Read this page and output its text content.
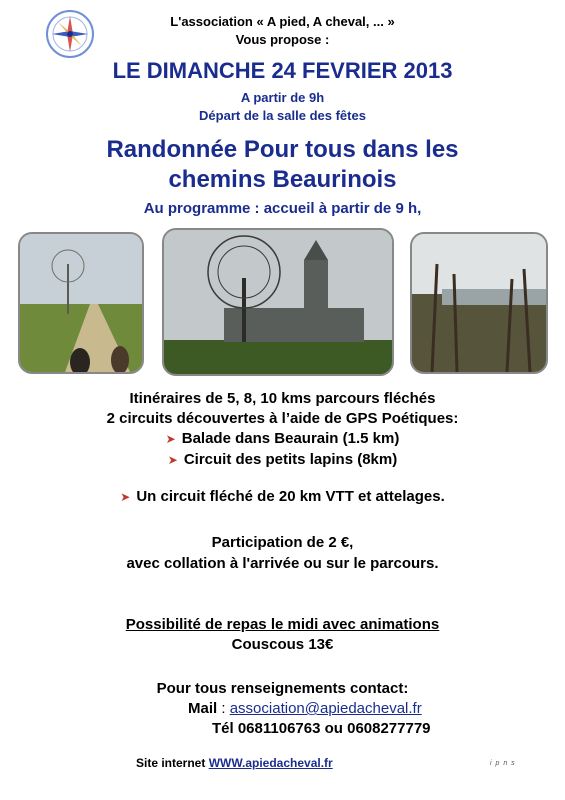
L'association « A pied, A cheval, ... »
Vous propose :
LE DIMANCHE 24 FEVRIER 2013
A partir de 9h
Départ de la salle des fêtes
Randonnée Pour tous dans les
chemins Beaurinois
Au programme : accueil à partir de 9 h,
Itinéraires de 5, 8, 10 kms parcours fléchés
2 circuits découvertes à l’aide de GPS Poétiques:
➤ Balade dans Beaurain (1.5 km)
➤ Circuit des petits lapins (8km)
➤ Un circuit fléché de 20 km VTT et attelages.
Participation de 2 €,
avec collation à l'arrivée ou sur le parcours.
Possibilité de repas le midi avec animations
Couscous 13€
Pour tous renseignements contact:
Mail : association@apiedacheval.fr
Tél 0681106763 ou 0608277779
Site internet WWW.apiedacheval.fr	i p n s
